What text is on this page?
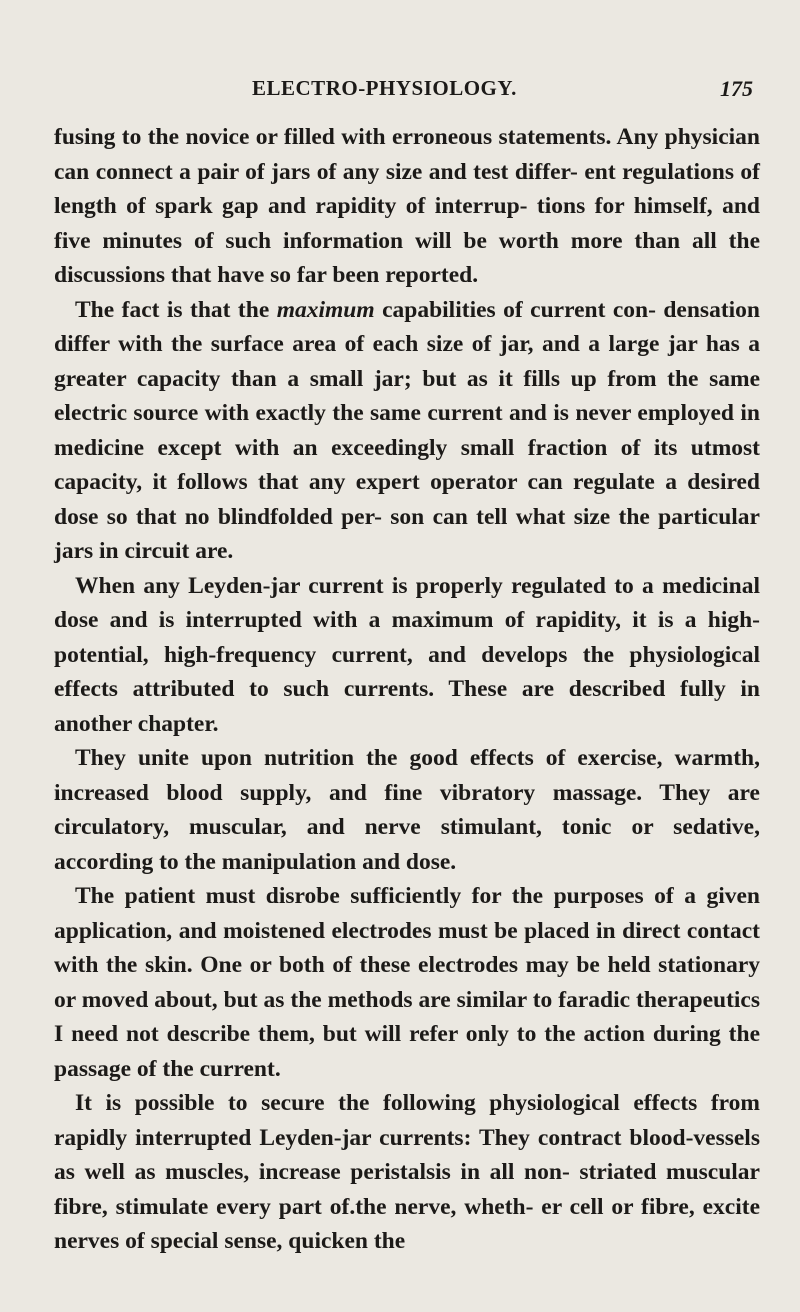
ELECTRO-PHYSIOLOGY.	175

fusing to the novice or filled with erroneous statements. Any physician can connect a pair of jars of any size and test differ- ent regulations of length of spark gap and rapidity of interrup- tions for himself, and five minutes of such information will be worth more than all the discussions that have so far been reported.

The fact is that the maximum capabilities of current con- densation differ with the surface area of each size of jar, and a large jar has a greater capacity than a small jar; but as it fills up from the same electric source with exactly the same current and is never employed in medicine except with an exceedingly small fraction of its utmost capacity, it follows that any expert operator can regulate a desired dose so that no blindfolded per- son can tell what size the particular jars in circuit are.

When any Leyden-jar current is properly regulated to a medicinal dose and is interrupted with a maximum of rapidity, it is a high-potential, high-frequency current, and develops the physiological effects attributed to such currents. These are described fully in another chapter.

They unite upon nutrition the good effects of exercise, warmth, increased blood supply, and fine vibratory massage. They are circulatory, muscular, and nerve stimulant, tonic or sedative, according to the manipulation and dose.

The patient must disrobe sufficiently for the purposes of a given application, and moistened electrodes must be placed in direct contact with the skin. One or both of these electrodes may be held stationary or moved about, but as the methods are similar to faradic therapeutics I need not describe them, but will refer only to the action during the passage of the current.

It is possible to secure the following physiological effects from rapidly interrupted Leyden-jar currents: They contract blood-vessels as well as muscles, increase peristalsis in all non- striated muscular fibre, stimulate every part of.the nerve, wheth- er cell or fibre, excite nerves of special sense, quicken the
